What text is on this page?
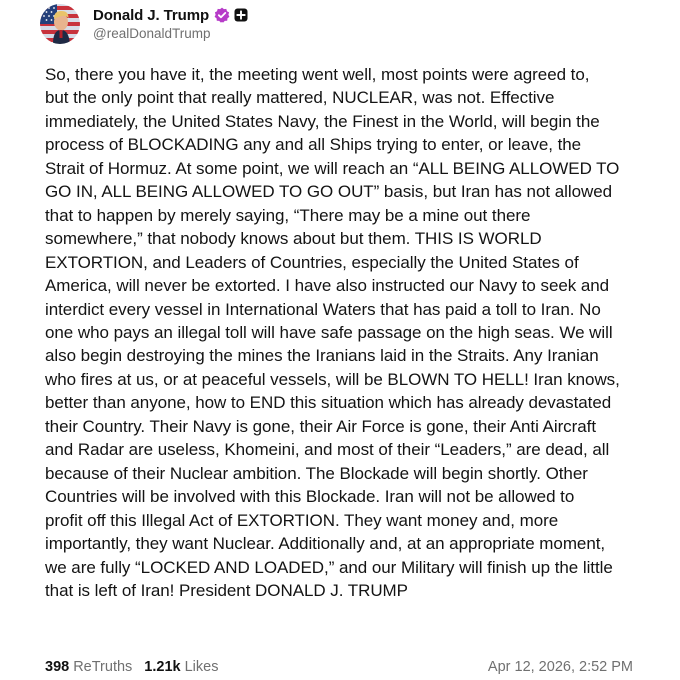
Donald J. Trump
@realDonaldTrump
So, there you have it, the meeting went well, most points were agreed to,
but the only point that really mattered, NUCLEAR, was not. Effective
immediately, the United States Navy, the Finest in the World, will begin the
process of BLOCKADING any and all Ships trying to enter, or leave, the
Strait of Hormuz. At some point, we will reach an “ALL BEING ALLOWED TO
GO IN, ALL BEING ALLOWED TO GO OUT” basis, but Iran has not allowed
that to happen by merely saying, “There may be a mine out there
somewhere,” that nobody knows about but them. THIS IS WORLD
EXTORTION, and Leaders of Countries, especially the United States of
America, will never be extorted. I have also instructed our Navy to seek and
interdict every vessel in International Waters that has paid a toll to Iran. No
one who pays an illegal toll will have safe passage on the high seas. We will
also begin destroying the mines the Iranians laid in the Straits. Any Iranian
who fires at us, or at peaceful vessels, will be BLOWN TO HELL! Iran knows,
better than anyone, how to END this situation which has already devastated
their Country. Their Navy is gone, their Air Force is gone, their Anti Aircraft
and Radar are useless, Khomeini, and most of their “Leaders,” are dead, all
because of their Nuclear ambition. The Blockade will begin shortly. Other
Countries will be involved with this Blockade. Iran will not be allowed to
profit off this Illegal Act of EXTORTION. They want money and, more
importantly, they want Nuclear. Additionally and, at an appropriate moment,
we are fully “LOCKED AND LOADED,” and our Military will finish up the little
that is left of Iran! President DONALD J. TRUMP
398 ReTruths 1.21k Likes	Apr 12, 2026, 2:52 PM
